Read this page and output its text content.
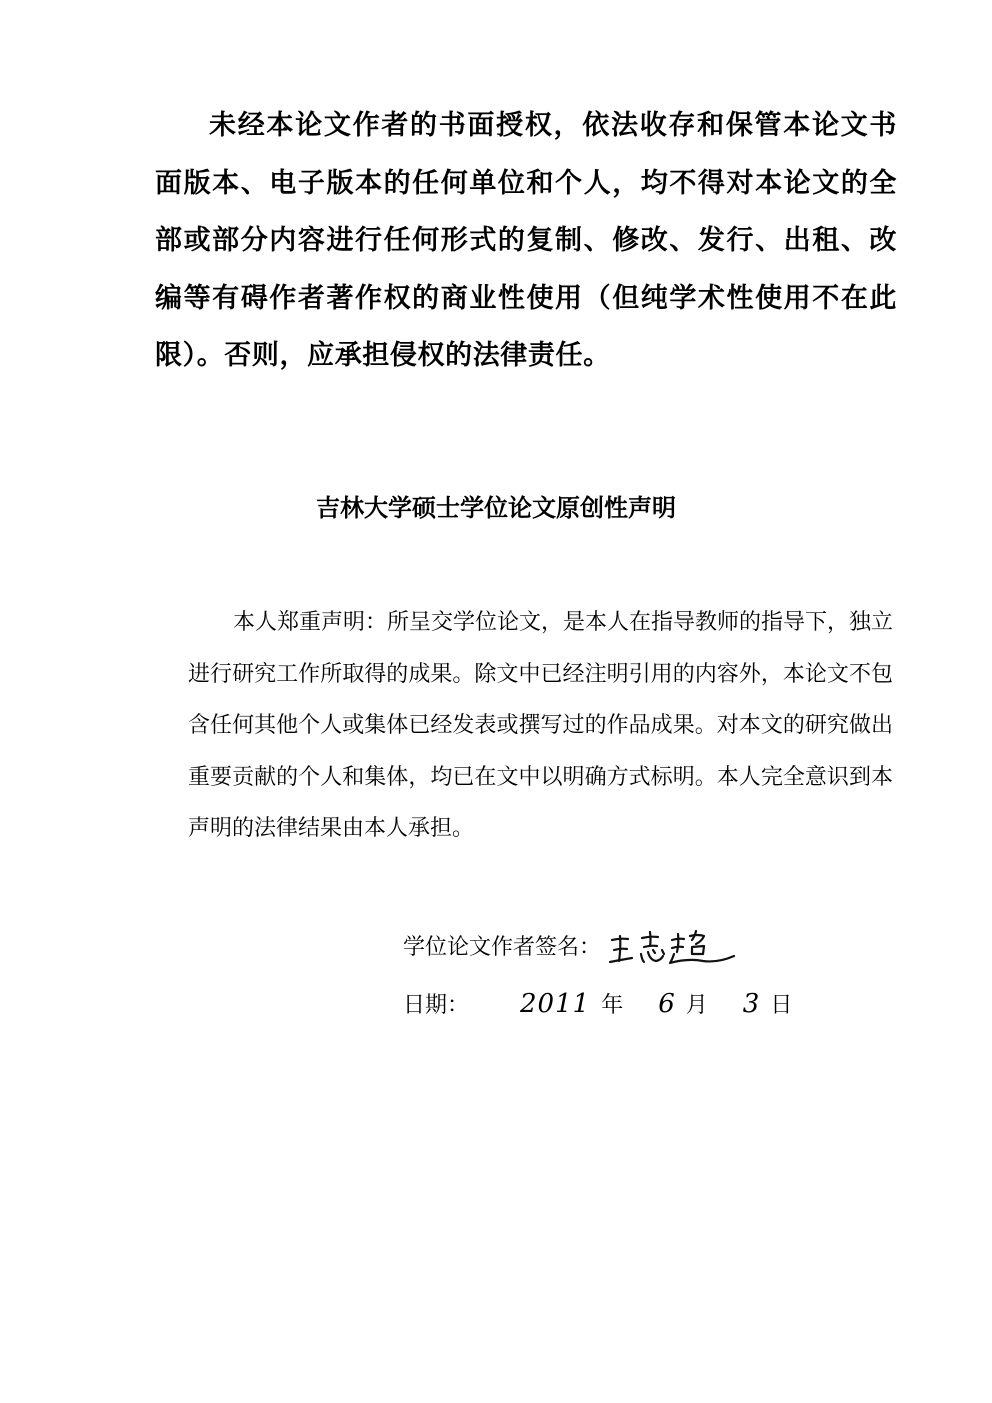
未经本论文作者的书面授权，依法收存和保管本论文书面版本、电子版本的任何单位和个人，均不得对本论文的全部或部分内容进行任何形式的复制、修改、发行、出租、改编等有碍作者著作权的商业性使用（但纯学术性使用不在此限）。否则，应承担侵权的法律责任。

吉林大学硕士学位论文原创性声明

本人郑重声明：所呈交学位论文，是本人在指导教师的指导下，独立进行研究工作所取得的成果。除文中已经注明引用的内容外，本论文不包含任何其他个人或集体已经发表或撰写过的作品成果。对本文的研究做出重要贡献的个人和集体，均已在文中以明确方式标明。本人完全意识到本声明的法律结果由本人承担。

学位论文作者签名：
日期： 2011 年 6 月 3 日
